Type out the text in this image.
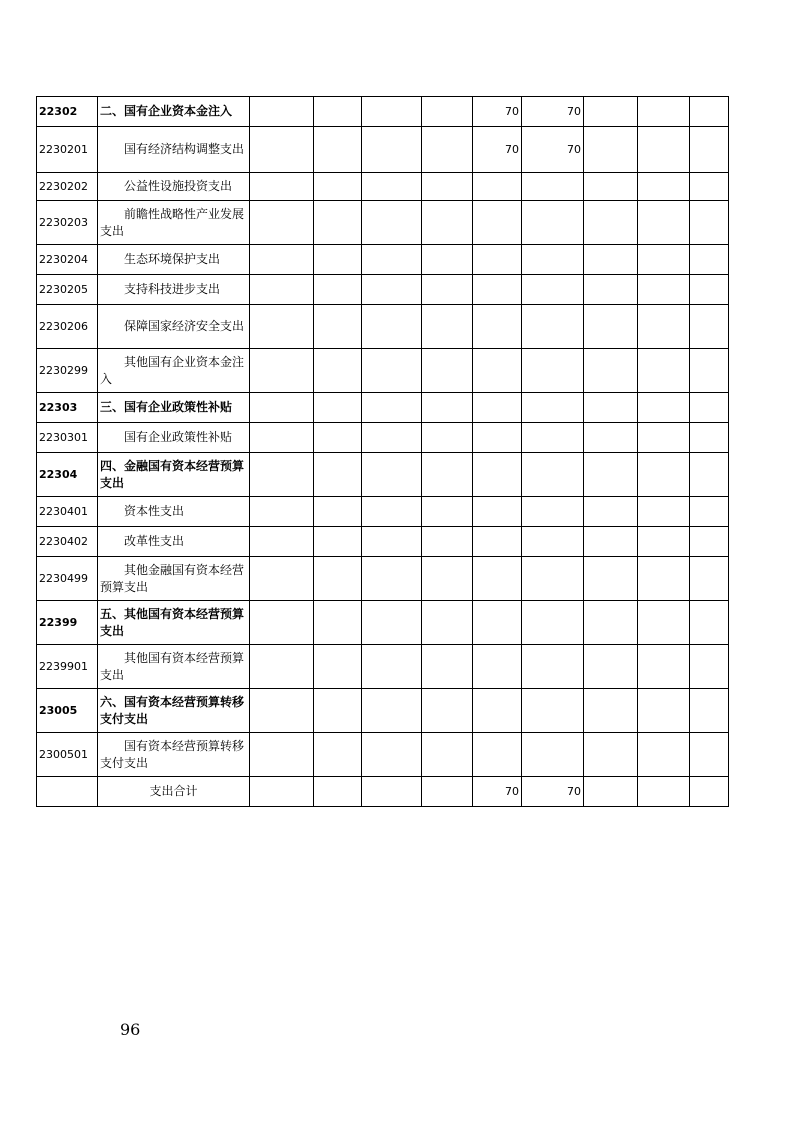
22302	二、国有企业资本金注入					70	70			
2230201	国有经济结构调整支出					70	70			
2230202	公益性设施投资支出									
2230203	前瞻性战略性产业发展支出									
2230204	生态环境保护支出									
2230205	支持科技进步支出									
2230206	保障国家经济安全支出									
2230299	其他国有企业资本金注入									
22303	三、国有企业政策性补贴									
2230301	国有企业政策性补贴									
22304	四、金融国有资本经营预算支出									
2230401	资本性支出									
2230402	改革性支出									
2230499	其他金融国有资本经营预算支出									
22399	五、其他国有资本经营预算支出									
2239901	其他国有资本经营预算支出									
23005	六、国有资本经营预算转移支付支出									
2300501	国有资本经营预算转移支付支出									
	支出合计					70	70			
96
